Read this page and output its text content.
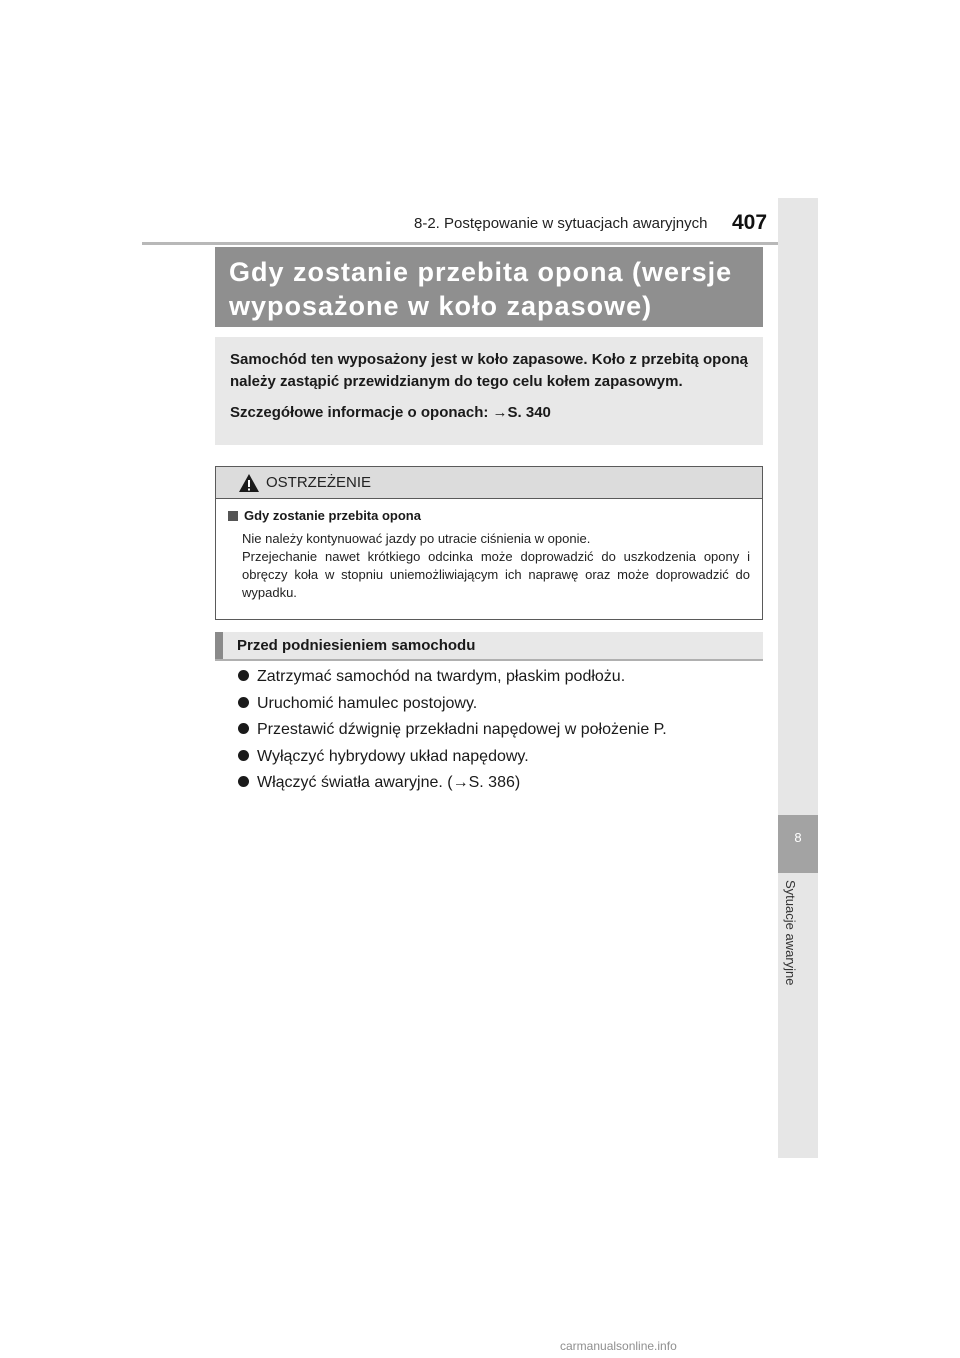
8-2. Postępowanie w sytuacjach awaryjnych 407
8
Sytuacje awaryjne
Gdy zostanie przebita opona (wersje
wyposażone w koło zapasowe)

Samochód ten wyposażony jest w koło zapasowe. Koło z przebitą oponą należy zastąpić przewidzianym do tego celu kołem zapasowym.

Szczegółowe informacje o oponach: →S. 340

OSTRZEŻENIE
Gdy zostanie przebita opona

Nie należy kontynuować jazdy po utracie ciśnienia w oponie.

Przejechanie nawet krótkiego odcinka może doprowadzić do uszkodzenia opony i obręczy koła w stopniu uniemożliwiającym ich naprawę oraz może doprowadzić do wypadku.

Przed podniesieniem samochodu
Zatrzymać samochód na twardym, płaskim podłożu.
Uruchomić hamulec postojowy.
Przestawić dźwignię przekładni napędowej w położenie P.
Wyłączyć hybrydowy układ napędowy.
Włączyć światła awaryjne. (→S. 386)
carmanualsonline.info
